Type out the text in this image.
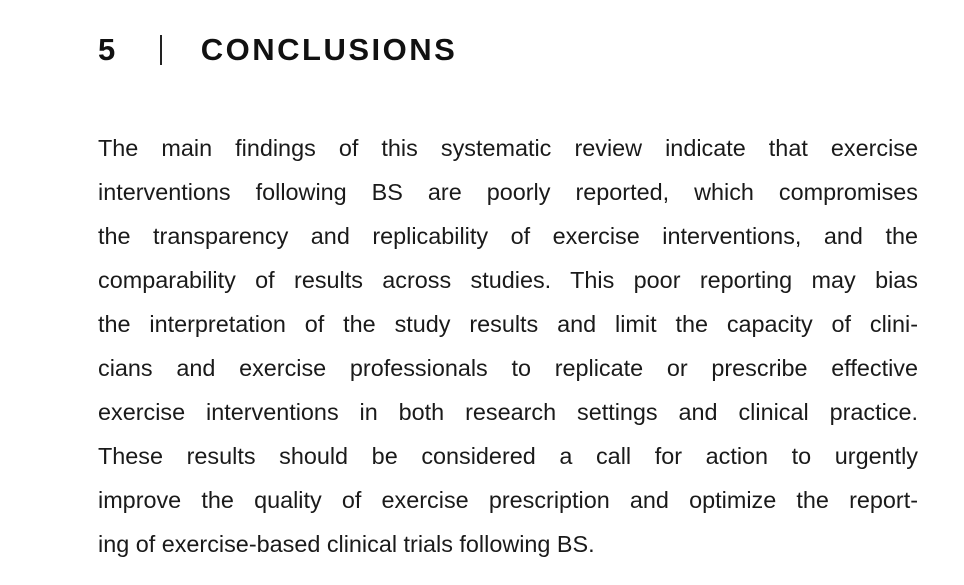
5	CONCLUSIONS

The main findings of this systematic review indicate that exercise
interventions following BS are poorly reported, which compromises
the transparency and replicability of exercise interventions, and the
comparability of results across studies. This poor reporting may bias
the interpretation of the study results and limit the capacity of clini-
cians and exercise professionals to replicate or prescribe effective
exercise interventions in both research settings and clinical practice.
These results should be considered a call for action to urgently
improve the quality of exercise prescription and optimize the report-
ing of exercise-based clinical trials following BS.
